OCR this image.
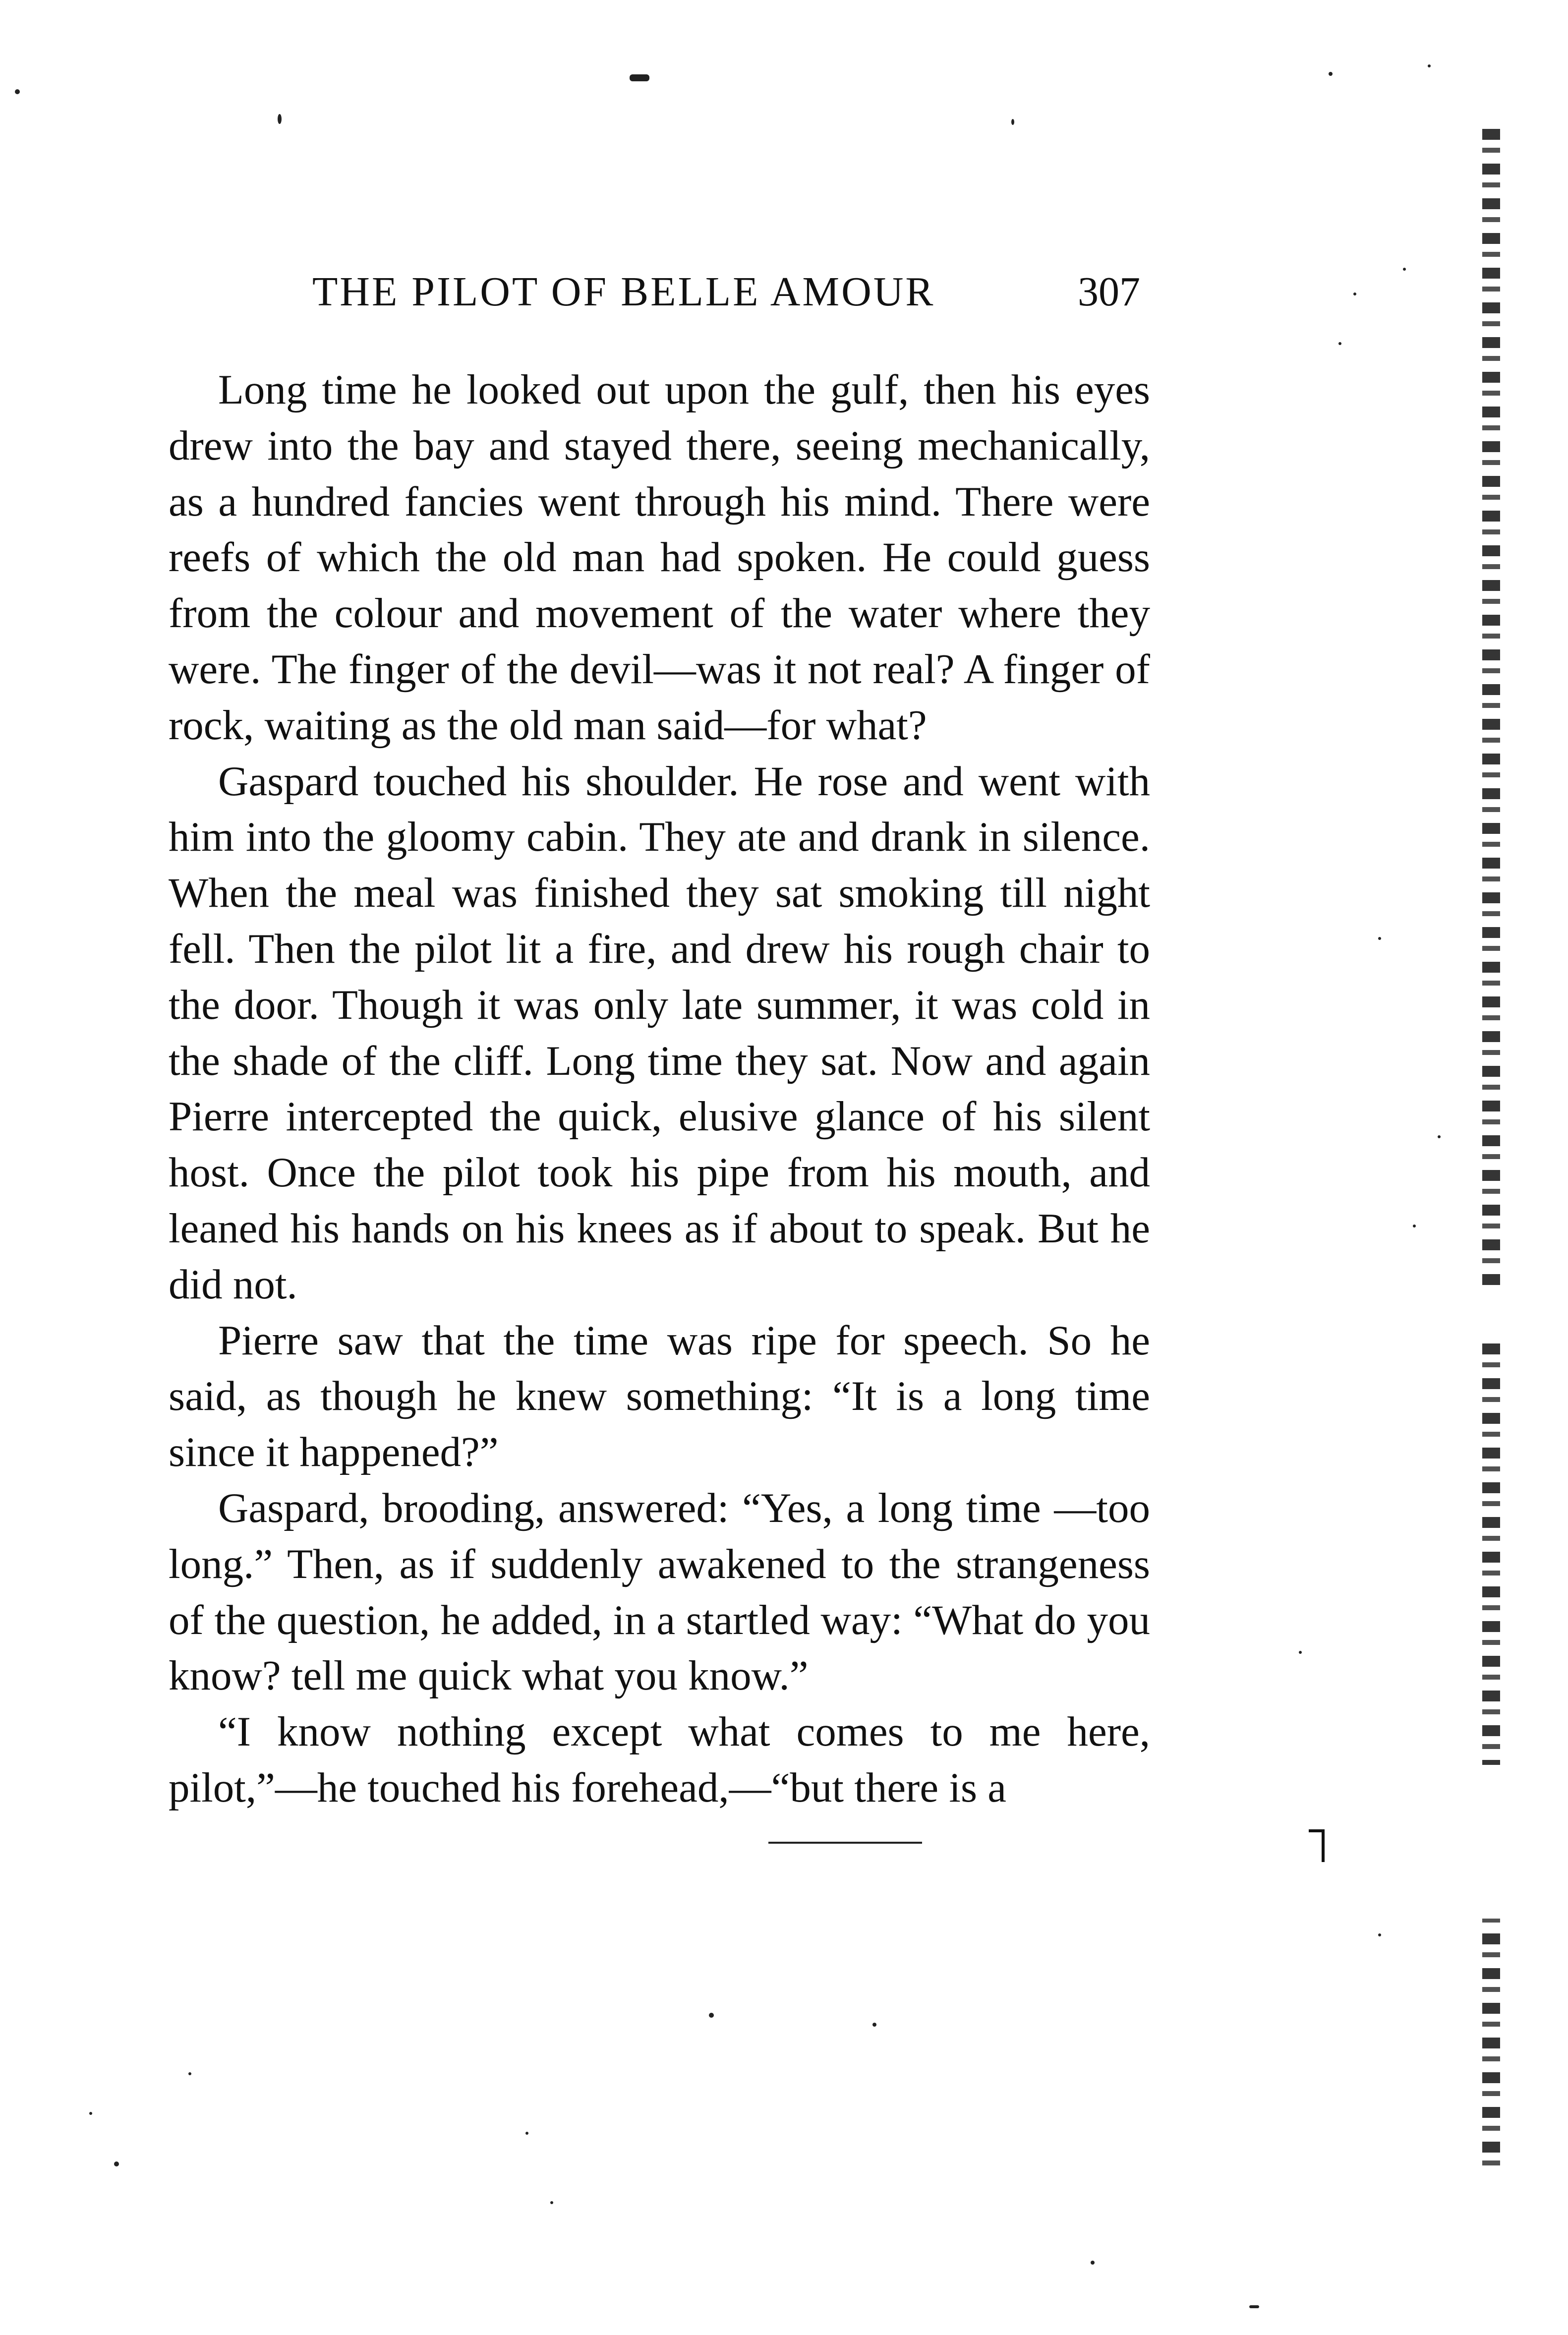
THE PILOT OF BELLE AMOUR	307

Long time he looked out upon the gulf, then his eyes drew into the bay and stayed there, seeing mechanically, as a hundred fancies went through his mind. There were reefs of which the old man had spoken. He could guess from the colour and movement of the water where they were. The finger of the devil—was it not real? A finger of rock, waiting as the old man said—for what?

Gaspard touched his shoulder. He rose and went with him into the gloomy cabin. They ate and drank in silence. When the meal was finished they sat smoking till night fell. Then the pilot lit a fire, and drew his rough chair to the door. Though it was only late summer, it was cold in the shade of the cliff. Long time they sat. Now and again Pierre intercepted the quick, elusive glance of his silent host. Once the pilot took his pipe from his mouth, and leaned his hands on his knees as if about to speak. But he did not.

Pierre saw that the time was ripe for speech. So he said, as though he knew something: “It is a long time since it happened?”

Gaspard, brooding, answered: “Yes, a long time —too long.” Then, as if suddenly awakened to the strangeness of the question, he added, in a startled way: “What do you know? tell me quick what you know.”

“I know nothing except what comes to me here, pilot,”—he touched his forehead,—“but there is a
